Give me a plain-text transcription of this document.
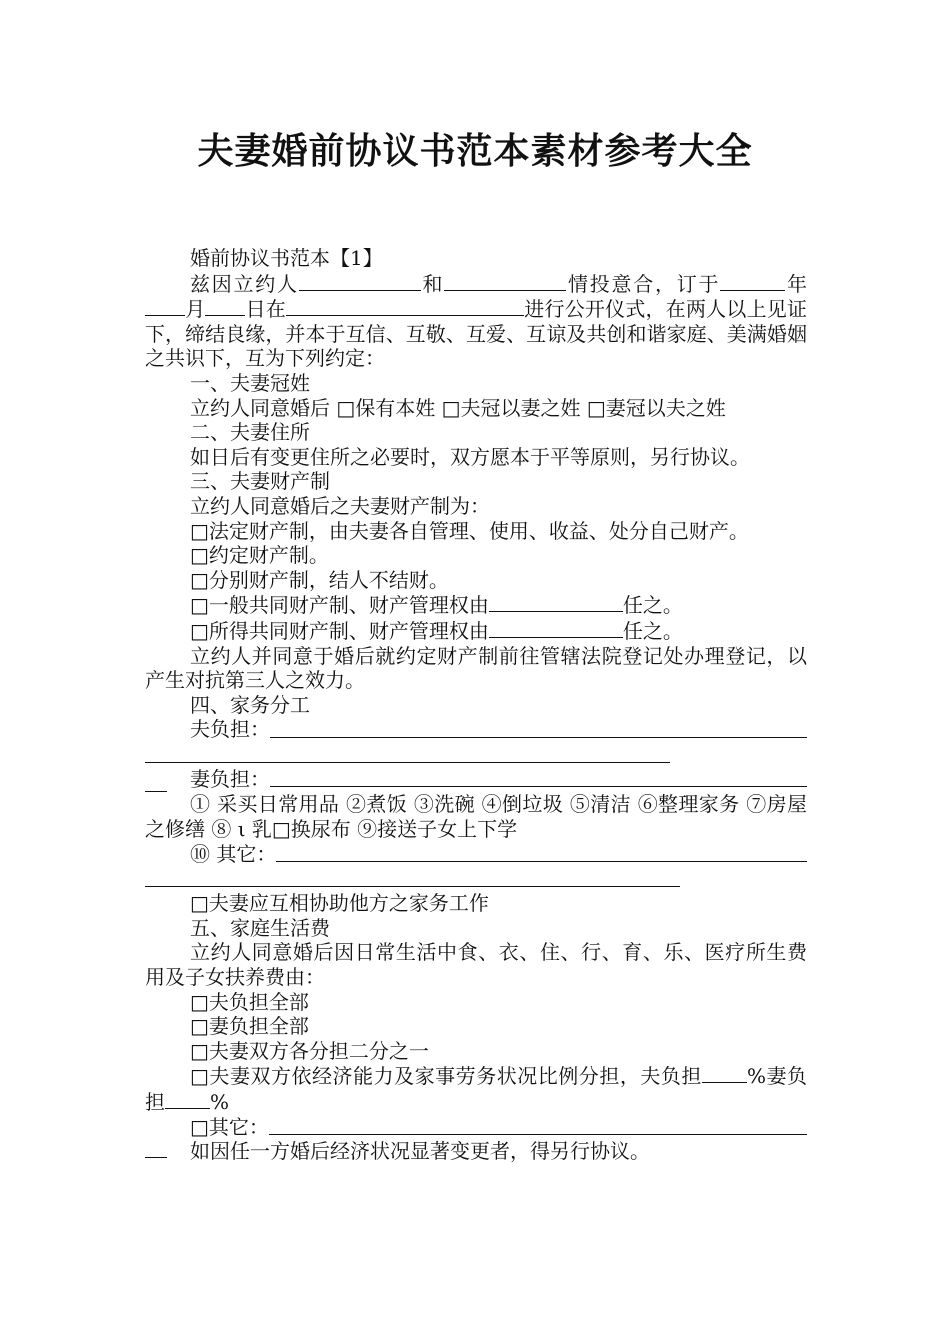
夫妻婚前协议书范本素材参考大全

婚前协议书范本【1】

兹因立约人	和	情投意合，订于	年月 日在	进行公开仪式，在两人以上见证下，缔结良缘，并本于互信、互敬、互爱、互谅及共创和谐家庭、美满婚姻之共识下，互为下列约定：

一、夫妻冠姓

立约人同意婚后 □保有本姓 □夫冠以妻之姓 □妻冠以夫之姓

二、夫妻住所

如日后有变更住所之必要时，双方愿本于平等原则，另行协议。

三、夫妻财产制

立约人同意婚后之夫妻财产制为：

□法定财产制，由夫妻各自管理、使用、收益、处分自己财产。

□约定财产制。

□分别财产制，结人不结财。

□一般共同财产制、财产管理权由	任之。

□所得共同财产制、财产管理权由	任之。

立约人并同意于婚后就约定财产制前往管辖法院登记处办理登记，以产生对抗第三人之效力。

四、家务分工

夫负担：
妻负担：

① 采买日常用品 ②煮饭 ③洗碗 ④倒垃圾 ⑤清洁 ⑥整理家务 ⑦房屋之修缮 ⑧ ι 乳□换尿布 ⑨接送子女上下学

⑩ 其它：

□夫妻应互相协助他方之家务工作

五、家庭生活费

立约人同意婚后因日常生活中食、衣、住、行、育、乐、医疗所生费用及子女扶养费由：

□夫负担全部

□妻负担全部

□夫妻双方各分担二分之一

□夫妻双方依经济能力及家事劳务状况比例分担，夫负担 %妻负担 %

□其它：

如因任一方婚后经济状况显著变更者，得另行协议。
